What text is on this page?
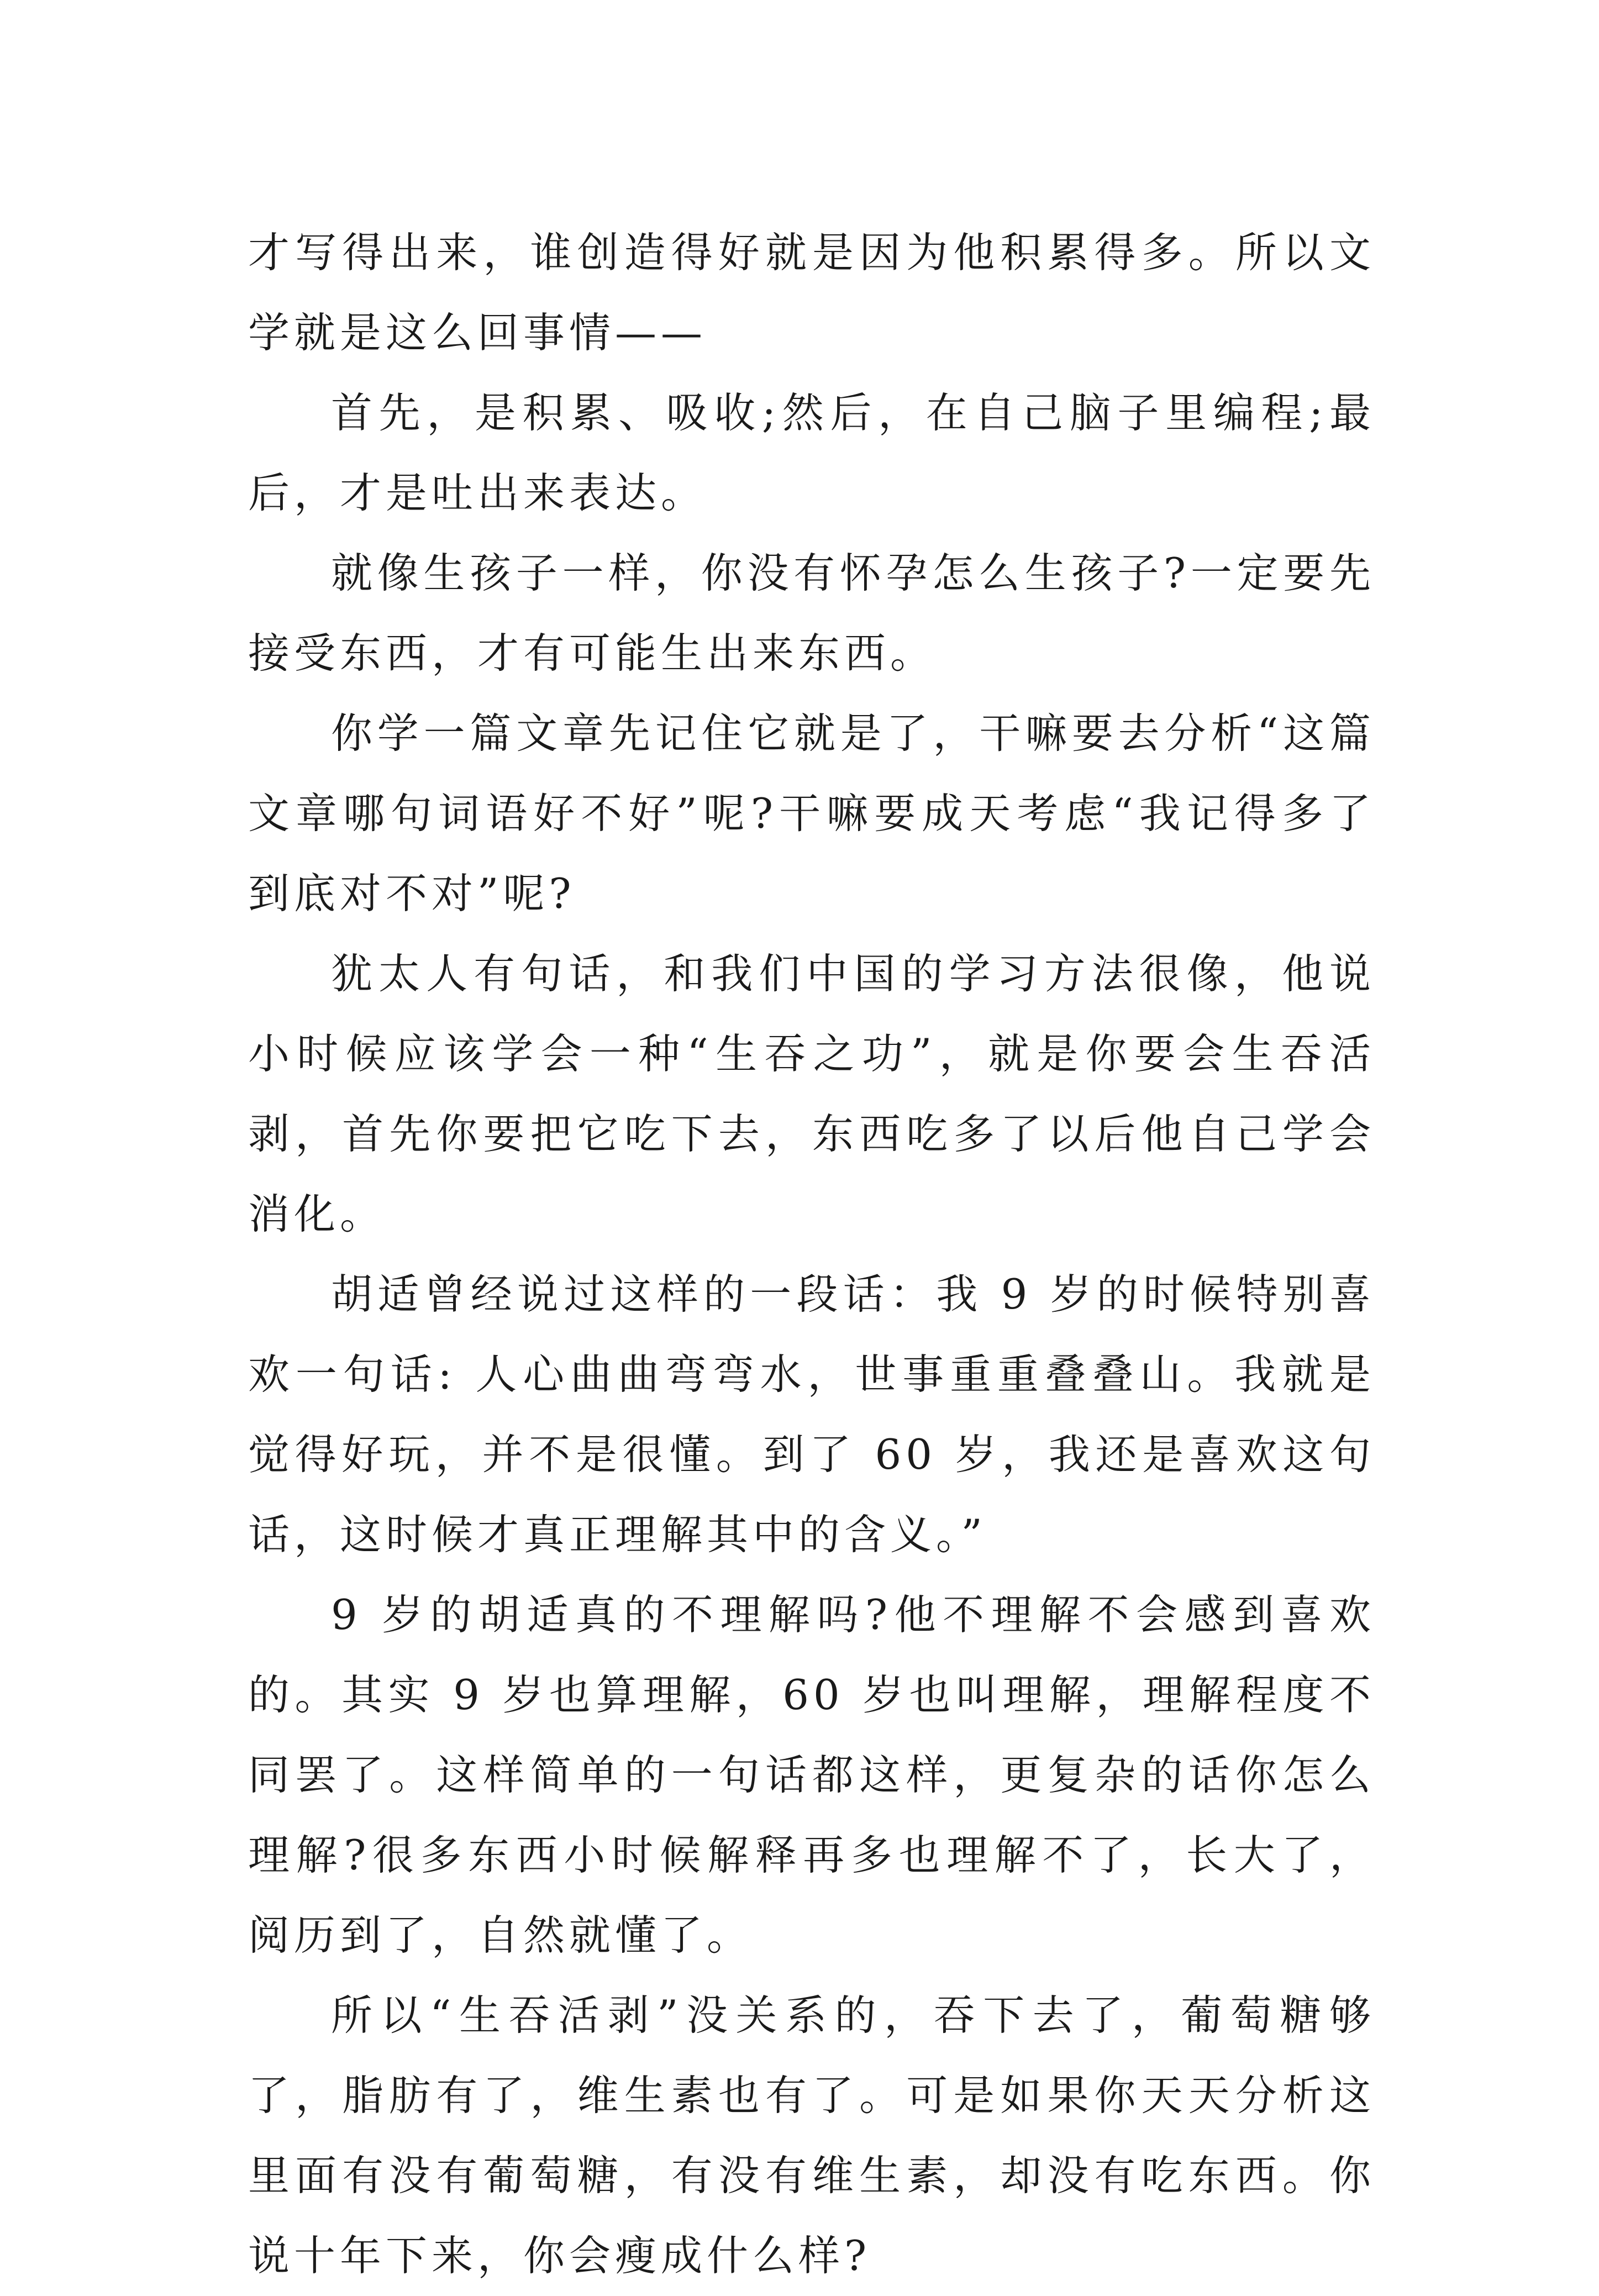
才写得出来，谁创造得好就是因为他积累得多。所以文学就是这么回事情——

首先，是积累、吸收;然后，在自己脑子里编程;最后，才是吐出来表达。

就像生孩子一样，你没有怀孕怎么生孩子?一定要先接受东西，才有可能生出来东西。

你学一篇文章先记住它就是了，干嘛要去分析“这篇文章哪句词语好不好”呢?干嘛要成天考虑“我记得多了到底对不对”呢?

犹太人有句话，和我们中国的学习方法很像，他说小时候应该学会一种“生吞之功”，就是你要会生吞活剥，首先你要把它吃下去，东西吃多了以后他自己学会消化。

胡适曾经说过这样的一段话：我 9 岁的时候特别喜欢一句话: 人心曲曲弯弯水，世事重重叠叠山。我就是觉得好玩，并不是很懂。到了 60 岁，我还是喜欢这句话，这时候才真正理解其中的含义。”

9 岁的胡适真的不理解吗?他不理解不会感到喜欢的。其实 9 岁也算理解，60 岁也叫理解，理解程度不同罢了。这样简单的一句话都这样，更复杂的话你怎么理解?很多东西小时候解释再多也理解不了，长大了，阅历到了，自然就懂了。

所以“生吞活剥”没关系的，吞下去了，葡萄糖够了，脂肪有了，维生素也有了。可是如果你天天分析这里面有没有葡萄糖，有没有维生素，却没有吃东西。你说十年下来，你会瘦成什么样?
